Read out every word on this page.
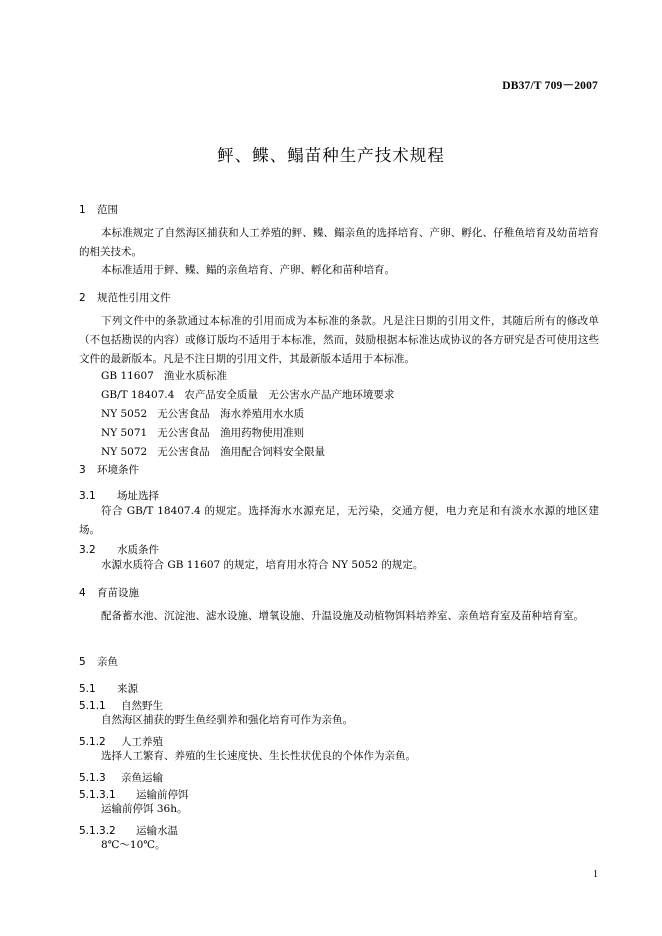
DB37/T 709－2007
鲆、鲽、鳎苗种生产技术规程
1 范围

本标准规定了自然海区捕获和人工养殖的鲆、鲽、鳎亲鱼的选择培育、产卵、孵化、仔稚鱼培育及幼苗培育的相关技术。

本标准适用于鲆、鲽、鳎的亲鱼培育、产卵、孵化和苗种培育。

2 规范性引用文件

下列文件中的条款通过本标准的引用而成为本标准的条款。凡是注日期的引用文件，其随后所有的修改单（不包括勘误的内容）或修订版均不适用于本标准，然而，鼓励根据本标准达成协议的各方研究是否可使用这些文件的最新版本。凡是不注日期的引用文件，其最新版本适用于本标准。

GB 11607 渔业水质标准
GB/T 18407.4 农产品安全质量　无公害水产品产地环境要求
NY 5052 无公害食品　海水养殖用水水质
NY 5071 无公害食品　渔用药物使用准则
NY 5072 无公害食品　渔用配合饲料安全限量
3 环境条件
3.1 场址选择

符合 GB/T 18407.4 的规定。选择海水水源充足，无污染，交通方便，电力充足和有淡水水源的地区建场。

3.2 水质条件

水源水质符合 GB 11607 的规定，培育用水符合 NY 5052 的规定。

4 育苗设施

配备蓄水池、沉淀池、滤水设施、增氧设施、升温设施及动植物饵料培养室、亲鱼培育室及苗种培育室。

5 亲鱼
5.1 来源
5.1.1 自然野生

自然海区捕获的野生鱼经驯养和强化培育可作为亲鱼。

5.1.2 人工养殖

选择人工繁育、养殖的生长速度快、生长性状优良的个体作为亲鱼。

5.1.3 亲鱼运输
5.1.3.1 运输前停饵

运输前停饵 36h。

5.1.3.2 运输水温

8℃～10℃。

1
